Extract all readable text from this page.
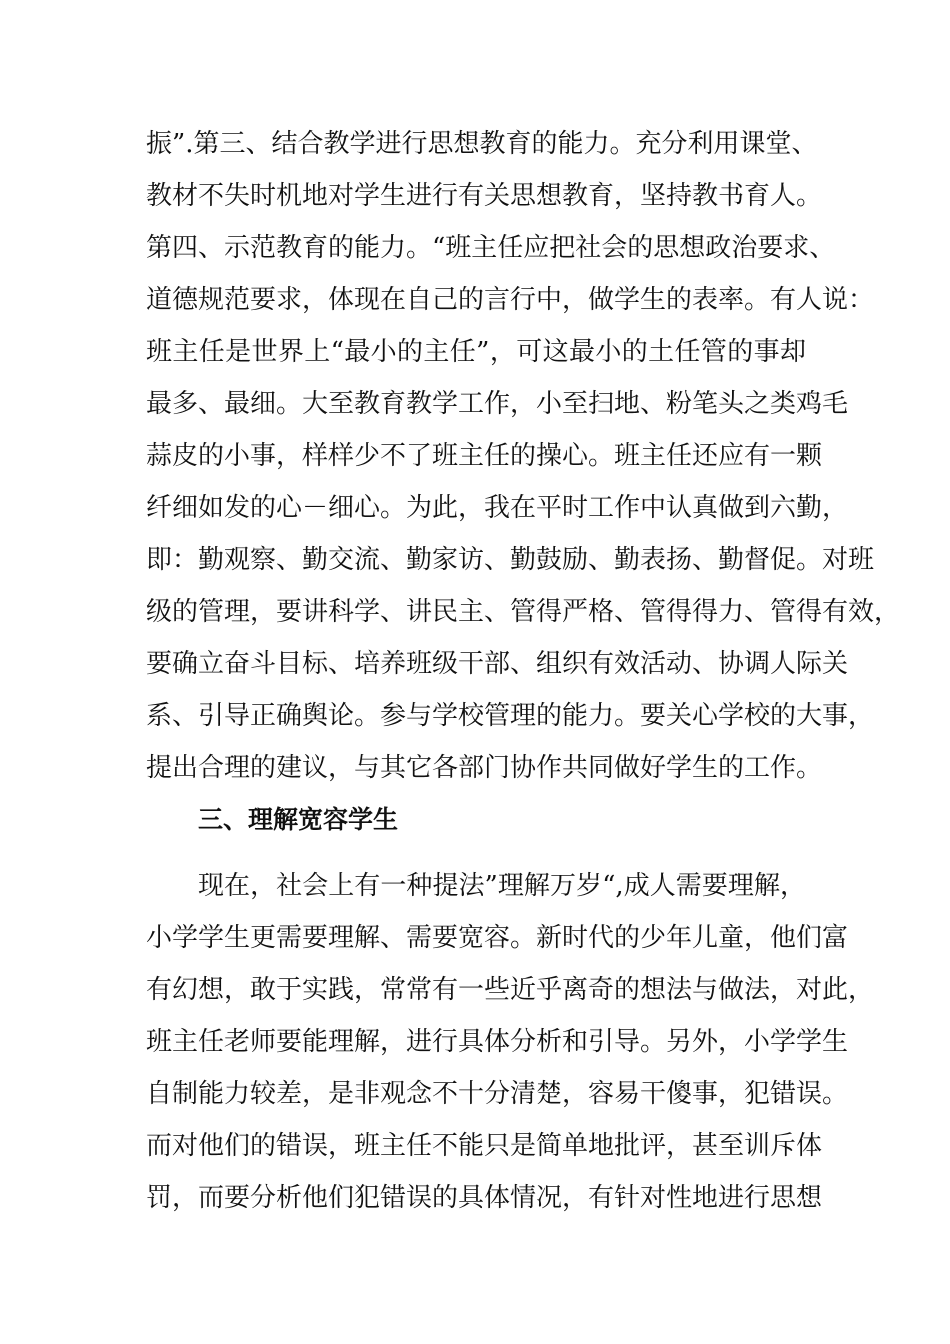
振”.第三、结合教学进行思想教育的能力。充分利用课堂、
教材不失时机地对学生进行有关思想教育，坚持教书育人。
第四、示范教育的能力。“班主任应把社会的思想政治要求、
道德规范要求，体现在自己的言行中，做学生的表率。有人说：
班主任是世界上“最小的主任”，可这最小的土任管的事却
最多、最细。大至教育教学工作，小至扫地、粉笔头之类鸡毛
蒜皮的小事，样样少不了班主任的操心。班主任还应有一颗
纤细如发的心－细心。为此，我在平时工作中认真做到六勤，
即：勤观察、勤交流、勤家访、勤鼓励、勤表扬、勤督促。对班
级的管理，要讲科学、讲民主、管得严格、管得得力、管得有效，
要确立奋斗目标、培养班级干部、组织有效活动、协调人际关
系、引导正确舆论。参与学校管理的能力。要关心学校的大事，
提出合理的建议，与其它各部门协作共同做好学生的工作。
三、理解宽容学生
现在，社会上有一种提法”理解万岁“,成人需要理解，
小学学生更需要理解、需要宽容。新时代的少年儿童，他们富
有幻想，敢于实践，常常有一些近乎离奇的想法与做法，对此，
班主任老师要能理解，进行具体分析和引导。另外，小学学生
自制能力较差，是非观念不十分清楚，容易干傻事，犯错误。
而对他们的错误，班主任不能只是简单地批评，甚至训斥体
罚，而要分析他们犯错误的具体情况，有针对性地进行思想
